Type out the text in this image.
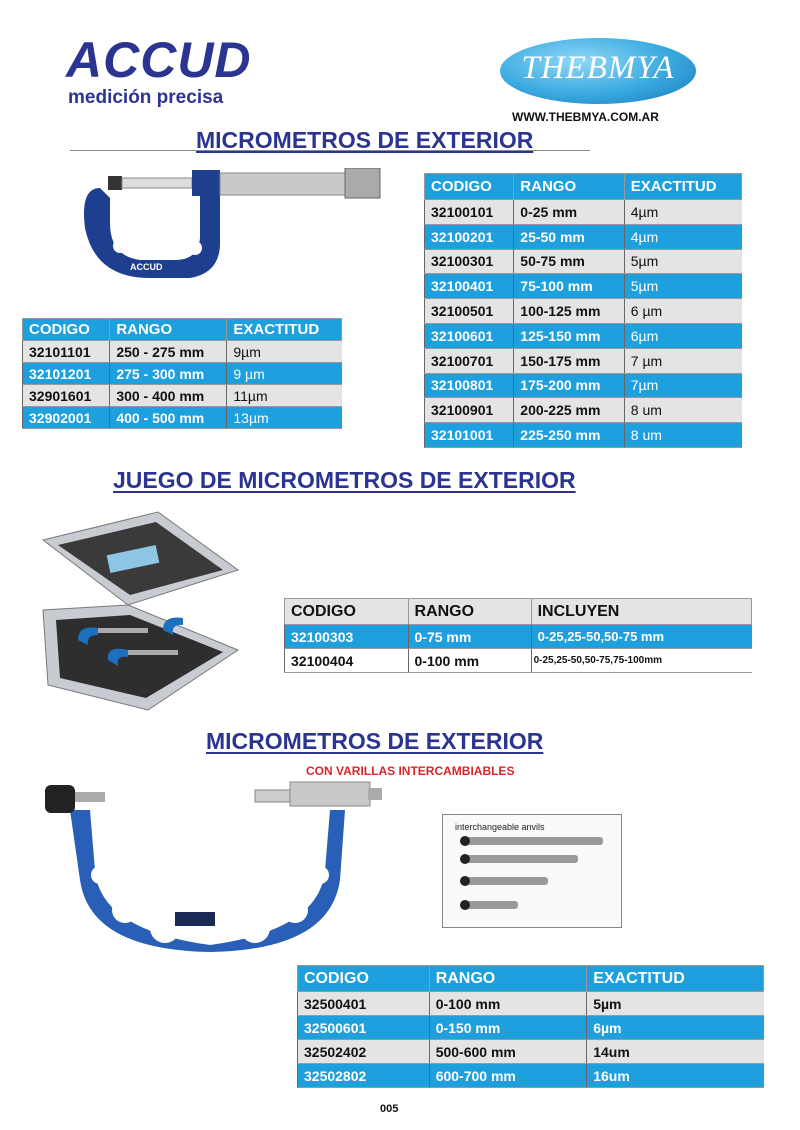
ACCUD
medición precisa
THEBMYA
WWW.THEBMYA.COM.AR
MICROMETROS DE EXTERIOR
ACCUD
CODIGO	RANGO	EXACTITUD
32101101	250 - 275 mm	9µm
32101201	275 - 300 mm	9 µm
32901601	300 - 400 mm	11µm
32902001	400 - 500 mm	13µm
CODIGO	RANGO	EXACTITUD
32100101	0-25 mm	4µm
32100201	25-50 mm	4µm
32100301	50-75 mm	5µm
32100401	75-100 mm	5µm
32100501	100-125 mm	6 µm
32100601	125-150 mm	6µm
32100701	150-175 mm	7 µm
32100801	175-200 mm	7µm
32100901	200-225 mm	8 um
32101001	225-250 mm	8 um
JUEGO DE MICROMETROS DE EXTERIOR
CODIGO	RANGO	INCLUYEN
32100303	0-75 mm	0-25,25-50,50-75 mm
32100404	0-100 mm	0-25,25-50,50-75,75-100mm
MICROMETROS DE EXTERIOR
CON VARILLAS INTERCAMBIABLES
interchangeable anvils
CODIGO	RANGO	EXACTITUD
32500401	0-100 mm	5µm
32500601	0-150 mm	6µm
32502402	500-600 mm	14um
32502802	600-700 mm	16um
005
